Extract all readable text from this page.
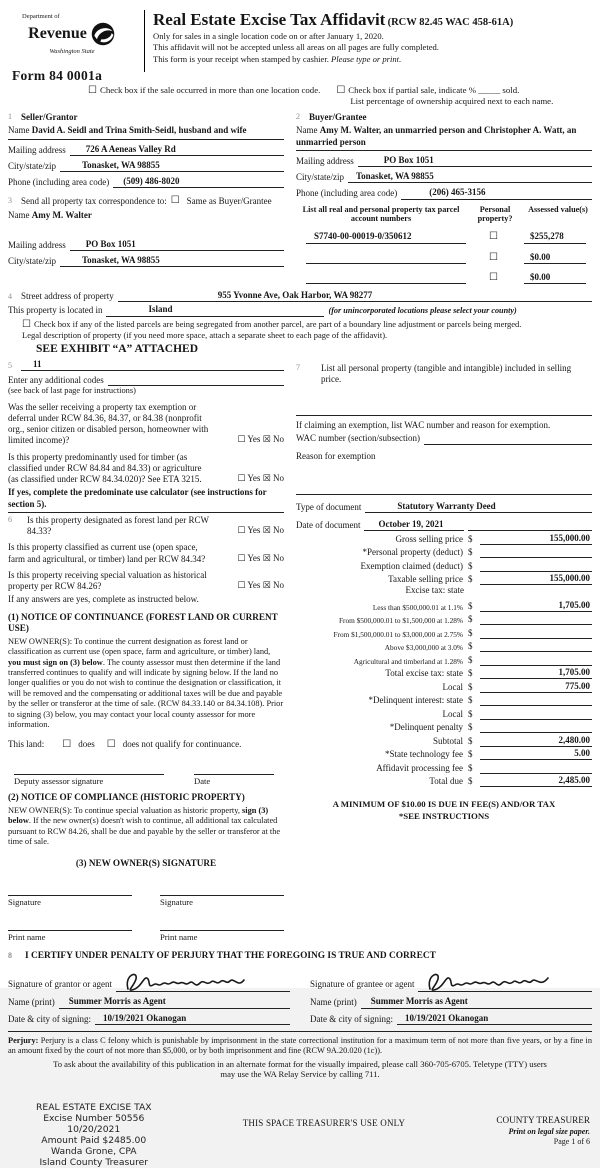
Department of
Revenue
Washington State
Form 84 0001a
Real Estate Excise Tax Affidavit (RCW 82.45 WAC 458-61A)
Only for sales in a single location code on or after January 1, 2020.
This affidavit will not be accepted unless all areas on all pages are fully completed.
This form is your receipt when stamped by cashier. Please type or print.
☐ Check box if the sale occurred in more than one location code. ☐ Check box if partial sale, indicate % _____ sold.
List percentage of ownership acquired next to each name.
1	Seller/Grantor
Name David A. Seidl and Trina Smith-Seidl, husband and wife
Mailing address	726 A Aeneas Valley Rd
City/state/zip	Tonasket, WA 98855
Phone (including area code)	(509) 486-8020
3	Send all property tax correspondence to: ☐ Same as Buyer/Grantee
Name Amy M. Walter
Mailing address	PO Box 1051
City/state/zip	Tonasket, WA 98855
2	Buyer/Grantee
Name Amy M. Walter, an unmarried person and Christopher A. Watt, an unmarried person
Mailing address	PO Box 1051
City/state/zip	Tonasket, WA 98855
Phone (including area code)	(206) 465-3156
List all real and personal property tax parcel account numbers
Personal property?
Assessed value(s)
S7740-00-00019-0/350612	☐	$255,278
☐	$0.00
☐	$0.00
4	Street address of property	955 Yvonne Ave, Oak Harbor, WA 98277
This property is located in	Island	(for unincorporated locations please select your county)
☐ Check box if any of the listed parcels are being segregated from another parcel, are part of a boundary line adjustment or parcels being merged.
Legal description of property (if you need more space, attach a separate sheet to each page of the affidavit).
SEE EXHIBIT “A” ATTACHED
5	11
Enter any additional codes
(see back of last page for instructions)
Was the seller receiving a property tax exemption or deferral under RCW 84.36, 84.37, or 84.38 (nonprofit org., senior citizen or disabled person, homeowner with limited income)?	☐ Yes ☒ No
Is this property predominantly used for timber (as classified under RCW 84.84 and 84.33) or agriculture (as classified under RCW 84.34.020)? See ETA 3215.	☐ Yes ☒ No
If yes, complete the predominate use calculator (see instructions for section 5).
6	Is this property designated as forest land per RCW 84.33?	☐ Yes ☒ No
Is this property classified as current use (open space, farm and agricultural, or timber) land per RCW 84.34?	☐ Yes ☒ No
Is this property receiving special valuation as historical property per RCW 84.26?	☐ Yes ☒ No
If any answers are yes, complete as instructed below.
(1) NOTICE OF CONTINUANCE (FOREST LAND OR CURRENT USE)
NEW OWNER(S): To continue the current designation as forest land or classification as current use (open space, farm and agriculture, or timber) land, you must sign on (3) below. The county assessor must then determine if the land transferred continues to qualify and will indicate by signing below. If the land no longer qualifies or you do not wish to continue the designation or classification, it will be removed and the compensating or additional taxes will be due and payable by the seller or transferor at the time of sale. (RCW 84.33.140 or 84.34.108). Prior to signing (3) below, you may contact your local county assessor for more information.
This land: ☐ does ☐ does not qualify for continuance.
Deputy assessor signature	Date
(2) NOTICE OF COMPLIANCE (HISTORIC PROPERTY)
NEW OWNER(S): To continue special valuation as historic property, sign (3) below. If the new owner(s) doesn't wish to continue, all additional tax calculated pursuant to RCW 84.26, shall be due and payable by the seller or transferor at the time of sale.
(3) NEW OWNER(S) SIGNATURE
Signature	Signature
Print name	Print name
7	List all personal property (tangible and intangible) included in selling price.
If claiming an exemption, list WAC number and reason for exemption.
WAC number (section/subsection)
Reason for exemption
Type of document	Statutory Warranty Deed
Date of document	October 19, 2021
Gross selling price $	155,000.00
*Personal property (deduct) $
Exemption claimed (deduct) $
Taxable selling price $	155,000.00
Excise tax: state
Less than $500,000.01 at 1.1% $	1,705.00
From $500,000.01 to $1,500,000 at 1.28% $
From $1,500,000.01 to $3,000,000 at 2.75% $
Above $3,000,000 at 3.0% $
Agricultural and timberland at 1.28% $
Total excise tax: state $	1,705.00
Local $	775.00
*Delinquent interest: state $
Local $
*Delinquent penalty $
Subtotal $	2,480.00
*State technology fee $	5.00
Affidavit processing fee $
Total due $	2,485.00
A MINIMUM OF $10.00 IS DUE IN FEE(S) AND/OR TAX
*SEE INSTRUCTIONS
8	I CERTIFY UNDER PENALTY OF PERJURY THAT THE FOREGOING IS TRUE AND CORRECT
Signature of grantor or agent
Name (print)	Summer Morris as Agent
Date & city of signing:	10/19/2021 Okanogan
Signature of grantee or agent
Name (print)	Summer Morris as Agent
Date & city of signing:	10/19/2021 Okanogan
Perjury: Perjury is a class C felony which is punishable by imprisonment in the state correctional institution for a maximum term of not more than five years, or by a fine in an amount fixed by the court of not more than $5,000, or by both imprisonment and fine (RCW 9A.20.020 (1c)).
To ask about the availability of this publication in an alternate format for the visually impaired, please call 360-705-6705. Teletype (TTY) users may use the WA Relay Service by calling 711.
REAL ESTATE EXCISE TAX
Excise Number 50556
10/20/2021
Amount Paid $2485.00
Wanda Grone, CPA
Island County Treasurer
THIS SPACE TREASURER'S USE ONLY	COUNTY TREASURER
Print on legal size paper.
Page 1 of 6
